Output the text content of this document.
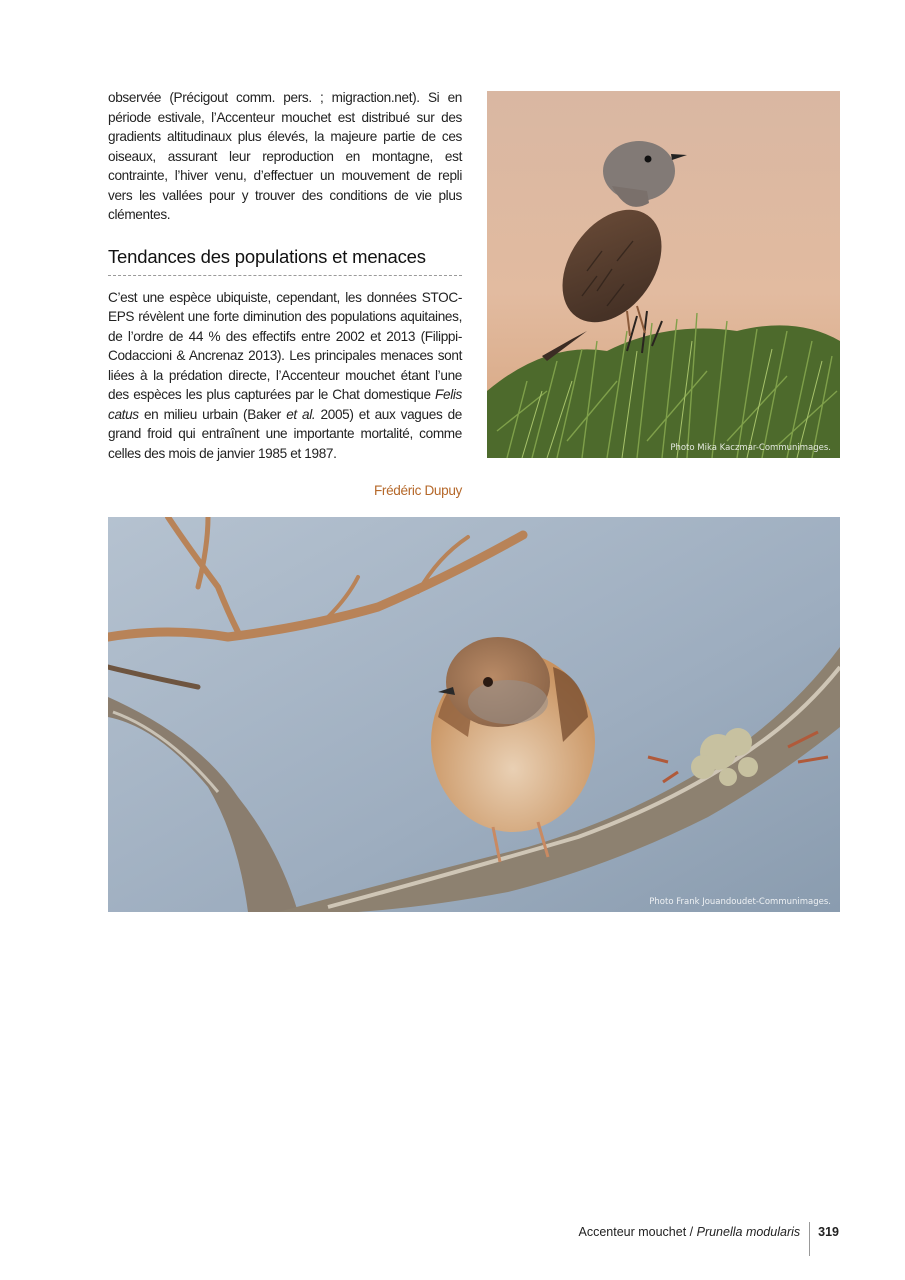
observée (Précigout comm. pers. ; migraction.net). Si en période estivale, l’Accenteur mouchet est distribué sur des gradients altitudinaux plus élevés, la majeure partie de ces oiseaux, assurant leur reproduction en montagne, est contrainte, l’hiver venu, d’effectuer un mouvement de repli vers les vallées pour y trouver des conditions de vie plus clémentes.

Tendances des populations et menaces

C’est une espèce ubiquiste, cependant, les données STOC-EPS révèlent une forte diminution des populations aquitaines, de l’ordre de 44 % des effectifs entre 2002 et 2013 (Filippi-Codaccioni & Ancrenaz 2013). Les principales menaces sont liées à la prédation directe, l’Accenteur mouchet étant l’une des espèces les plus capturées par le Chat domestique Felis catus en milieu urbain (Baker et al. 2005) et aux vagues de grand froid qui entraînent une importante mortalité, comme celles des mois de janvier 1985 et 1987.

Frédéric Dupuy
Photo Mika Kaczmar-Communimages.
Photo Frank Jouandoudet-Communimages.
Accenteur mouchet / Prunella modularis	319
